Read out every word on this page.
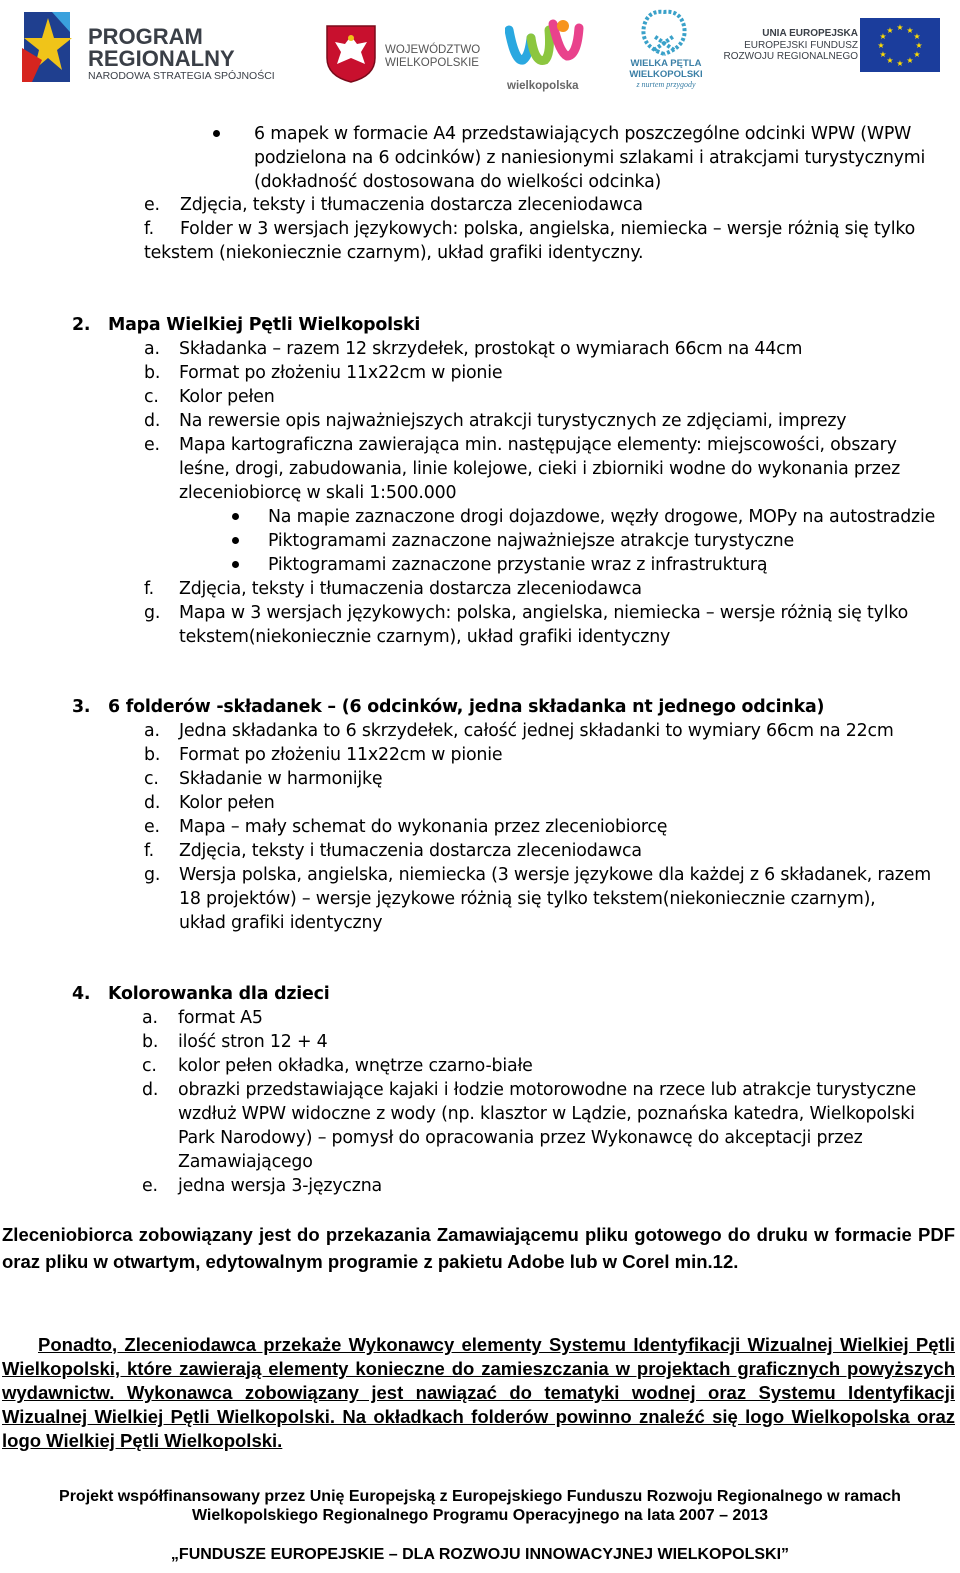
PROGRAM
REGIONALNY
NARODOWA STRATEGIA SPÓJNOŚCI
WOJEWÓDZTWO
WIELKOPOLSKIE
wielkopolska
WIELKA PĘTLA
WIELKOPOLSKI
z nurtem przygody
UNIA EUROPEJSKA
EUROPEJSKI FUNDUSZ
ROZWOJU REGIONALNEGO
★ ★
★
★
★
★
★
★
★
★
★
★
6 mapek w formacie A4 przedstawiających poszczególne odcinki WPW (WPW
podzielona na 6 odcinków) z naniesionymi szlakami i atrakcjami turystycznymi
(dokładność dostosowana do wielkości odcinka)
e. Zdjęcia, teksty i tłumaczenia dostarcza zleceniodawca
f. Folder w 3 wersjach językowych: polska, angielska, niemiecka – wersje różnią się tylko
tekstem (niekoniecznie czarnym), układ grafiki identyczny.
2. Mapa Wielkiej Pętli Wielkopolski
a. Składanka – razem 12 skrzydełek, prostokąt o wymiarach 66cm na 44cm
b. Format po złożeniu 11x22cm w pionie
c. Kolor pełen
d. Na rewersie opis najważniejszych atrakcji turystycznych ze zdjęciami, imprezy
e. Mapa kartograficzna zawierająca min. następujące elementy: miejscowości, obszary
leśne, drogi, zabudowania, linie kolejowe, cieki i zbiorniki wodne do wykonania przez
zleceniobiorcę w skali 1:500.000
Na mapie zaznaczone drogi dojazdowe, węzły drogowe, MOPy na autostradzie
Piktogramami zaznaczone najważniejsze atrakcje turystyczne
Piktogramami zaznaczone przystanie wraz z infrastrukturą
f. Zdjęcia, teksty i tłumaczenia dostarcza zleceniodawca
g. Mapa w 3 wersjach językowych: polska, angielska, niemiecka – wersje różnią się tylko
tekstem(niekoniecznie czarnym), układ grafiki identyczny
3. 6 folderów -składanek – (6 odcinków, jedna składanka nt jednego odcinka)
a. Jedna składanka to 6 skrzydełek, całość jednej składanki to wymiary 66cm na 22cm
b. Format po złożeniu 11x22cm w pionie
c. Składanie w harmonijkę
d. Kolor pełen
e. Mapa – mały schemat do wykonania przez zleceniobiorcę
f. Zdjęcia, teksty i tłumaczenia dostarcza zleceniodawca
g. Wersja polska, angielska, niemiecka (3 wersje językowe dla każdej z 6 składanek, razem
18 projektów) – wersje językowe różnią się tylko tekstem(niekoniecznie czarnym),
układ grafiki identyczny
4. Kolorowanka dla dzieci
a. format A5
b. ilość stron 12 + 4
c. kolor pełen okładka, wnętrze czarno-białe
d. obrazki przedstawiające kajaki i łodzie motorowodne na rzece lub atrakcje turystyczne
wzdłuż WPW widoczne z wody (np. klasztor w Lądzie, poznańska katedra, Wielkopolski
Park Narodowy) – pomysł do opracowania przez Wykonawcę do akceptacji przez
Zamawiającego
e. jedna wersja 3-języczna
Zleceniobiorca zobowiązany jest do przekazania Zamawiającemu pliku gotowego do druku w formacie PDF oraz pliku w otwartym, edytowalnym programie z pakietu Adobe lub w Corel min.12.
Ponadto, Zleceniodawca przekaże Wykonawcy elementy Systemu Identyfikacji Wizualnej Wielkiej Pętli Wielkopolski, które zawierają elementy konieczne do zamieszczania w projektach graficznych powyższych wydawnictw. Wykonawca zobowiązany jest nawiązać do tematyki wodnej oraz Systemu Identyfikacji Wizualnej Wielkiej Pętli Wielkopolski. Na okładkach folderów powinno znaleźć się logo Wielkopolska oraz logo Wielkiej Pętli Wielkopolski.
Projekt współfinansowany przez Unię Europejską z Europejskiego Funduszu Rozwoju Regionalnego w ramach
Wielkopolskiego Regionalnego Programu Operacyjnego na lata 2007 – 2013
„FUNDUSZE EUROPEJSKIE – DLA ROZWOJU INNOWACYJNEJ WIELKOPOLSKI”
